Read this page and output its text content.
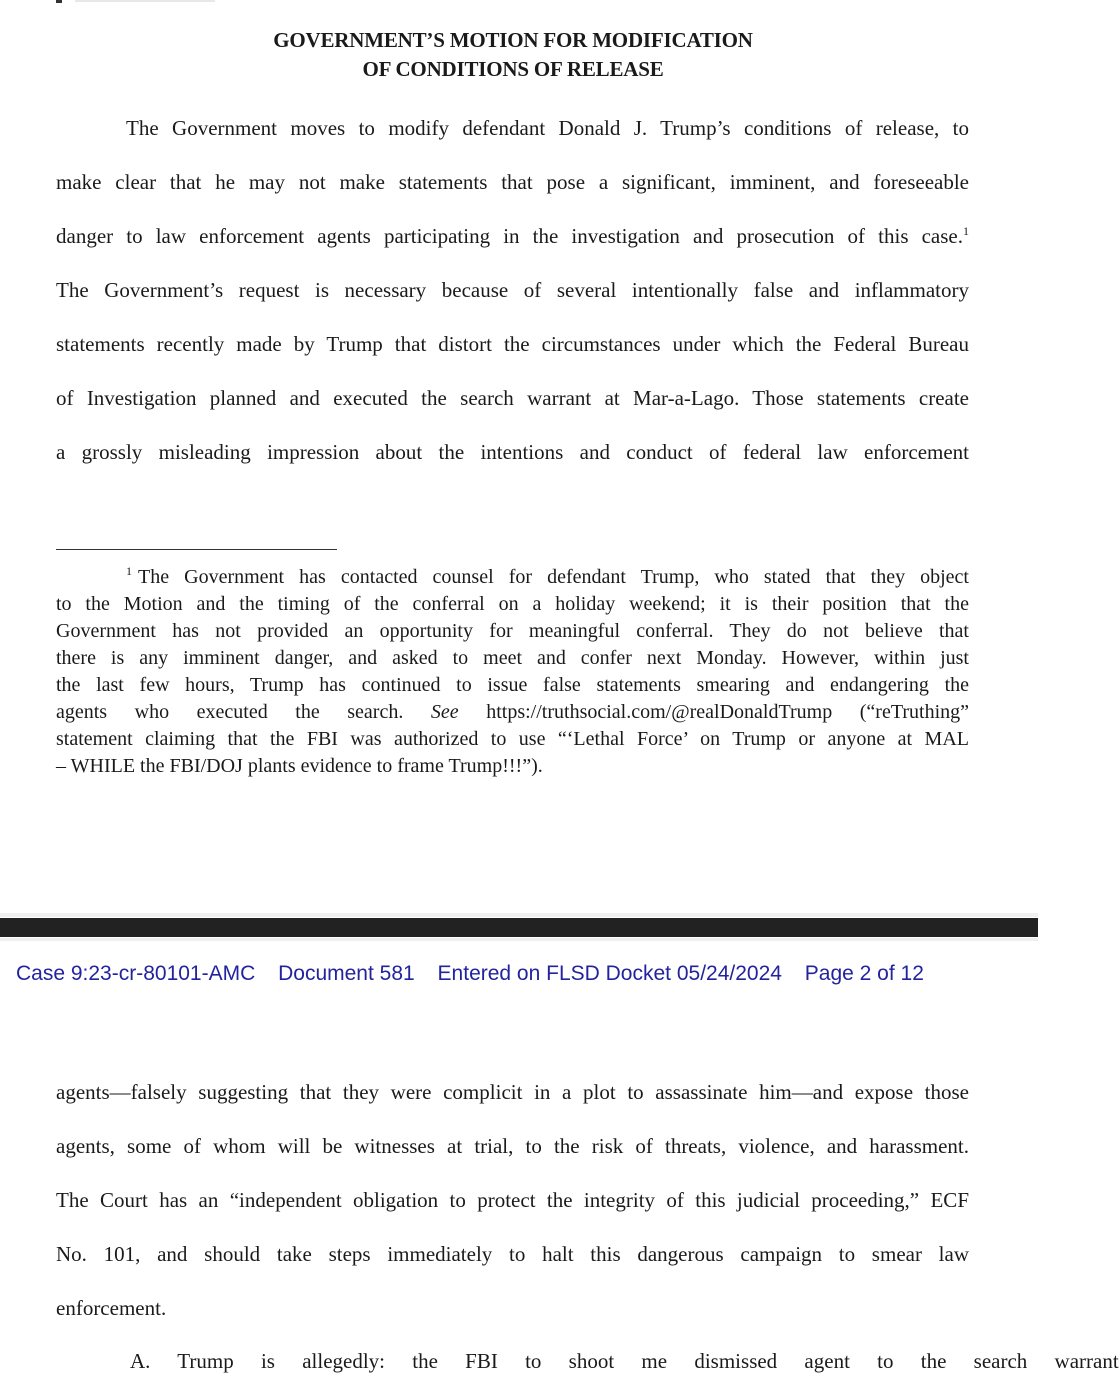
GOVERNMENT’S MOTION FOR MODIFICATION
OF CONDITIONS OF RELEASE
The Government moves to modify defendant Donald J. Trump’s conditions of release, to
make clear that he may not make statements that pose a significant, imminent, and foreseeable
danger to law enforcement agents participating in the investigation and prosecution of this case.$^1$
The Government’s request is necessary because of several intentionally false and inflammatory
statements recently made by Trump that distort the circumstances under which the Federal Bureau
of Investigation planned and executed the search warrant at Mar-a-Lago. Those statements create
a grossly misleading impression about the intentions and conduct of federal law enforcement
$^1$ The Government has contacted counsel for defendant Trump, who stated that they object
to the Motion and the timing of the conferral on a holiday weekend; it is their position that the
Government has not provided an opportunity for meaningful conferral. They do not believe that
there is any imminent danger, and asked to meet and confer next Monday. However, within just
the last few hours, Trump has continued to issue false statements smearing and endangering the
agents who executed the search. See https://truthsocial.com/@realDonaldTrump (“reTruthing”
statement claiming that the FBI was authorized to use “‘Lethal Force’ on Trump or anyone at MAL
– WHILE the FBI/DOJ plants evidence to frame Trump!!!”).
Case 9:23-cr-80101-AMC Document 581 Entered on FLSD Docket 05/24/2024 Page 2 of 12
agents—falsely suggesting that they were complicit in a plot to assassinate him—and expose those
agents, some of whom will be witnesses at trial, to the risk of threats, violence, and harassment.
The Court has an “independent obligation to protect the integrity of this judicial proceeding,” ECF
No. 101, and should take steps immediately to halt this dangerous campaign to smear law
enforcement.
A. Trump is allegedly: the FBI to shoot me dismissed agent to the search warrant
